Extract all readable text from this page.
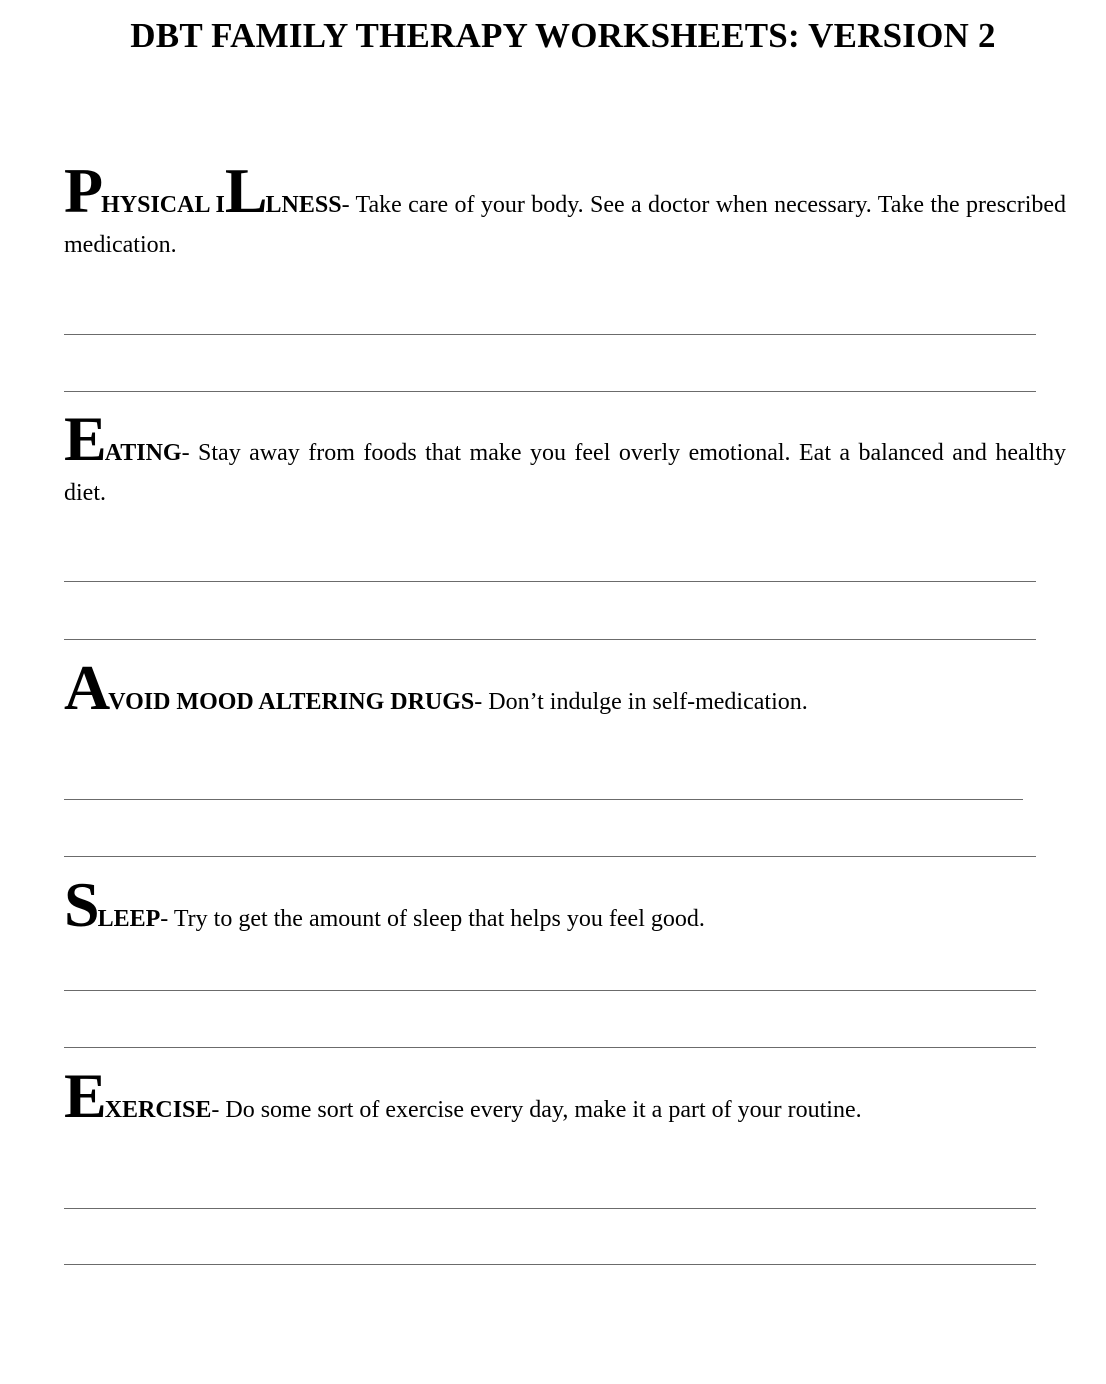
DBT FAMILY THERAPY WORKSHEETS: VERSION 2

PHYSICAL ILLNESS- Take care of your body. See a doctor when necessary. Take the prescribed medication.

EATING- Stay away from foods that make you feel overly emotional. Eat a balanced and healthy diet.

AVOID MOOD ALTERING DRUGS- Don’t indulge in self-medication.

SLEEP- Try to get the amount of sleep that helps you feel good.

EXERCISE- Do some sort of exercise every day, make it a part of your routine.
